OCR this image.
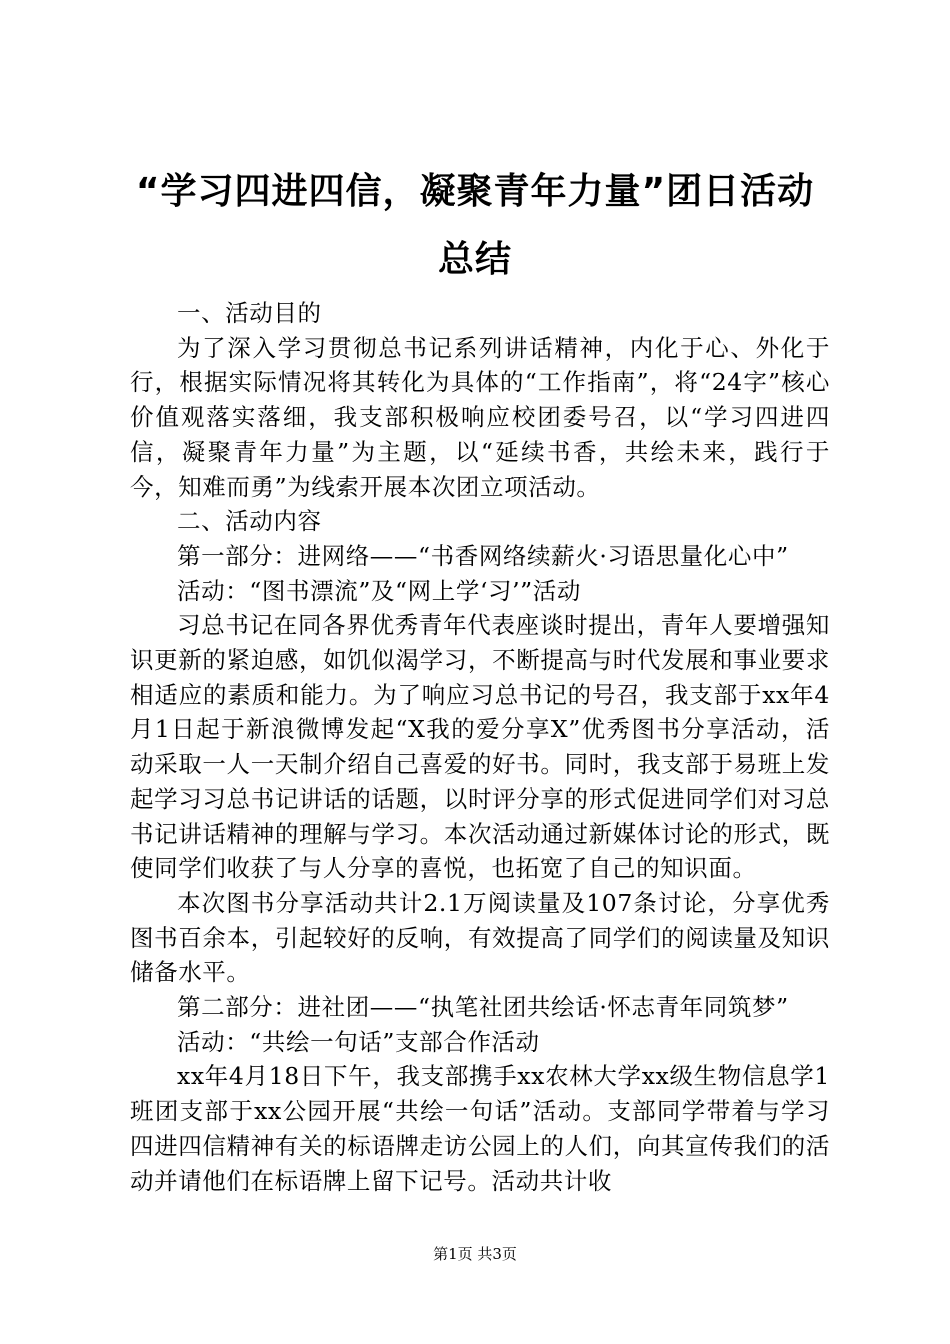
“学习四进四信，凝聚青年力量”团日活动总结

一、活动目的

为了深入学习贯彻总书记系列讲话精神，内化于心、外化于行，根据实际情况将其转化为具体的“工作指南”，将“24字”核心价值观落实落细，我支部积极响应校团委号召，以“学习四进四信，凝聚青年力量”为主题，以“延续书香，共绘未来，践行于今，知难而勇”为线索开展本次团立项活动。

二、活动内容

第一部分：进网络——“书香网络续薪火·习语思量化心中”

活动：“图书漂流”及“网上学‘习’”活动

习总书记在同各界优秀青年代表座谈时提出，青年人要增强知识更新的紧迫感，如饥似渴学习，不断提高与时代发展和事业要求相适应的素质和能力。为了响应习总书记的号召，我支部于xx年4月1日起于新浪微博发起“X我的爱分享X”优秀图书分享活动，活动采取一人一天制介绍自己喜爱的好书。同时，我支部于易班上发起学习习总书记讲话的话题，以时评分享的形式促进同学们对习总书记讲话精神的理解与学习。本次活动通过新媒体讨论的形式，既使同学们收获了与人分享的喜悦，也拓宽了自己的知识面。

本次图书分享活动共计2.1万阅读量及107条讨论，分享优秀图书百余本，引起较好的反响，有效提高了同学们的阅读量及知识储备水平。

第二部分：进社团——“执笔社团共绘话·怀志青年同筑梦”

活动：“共绘一句话”支部合作活动

xx年4月18日下午，我支部携手xx农林大学xx级生物信息学1班团支部于xx公园开展“共绘一句话”活动。支部同学带着与学习四进四信精神有关的标语牌走访公园上的人们，向其宣传我们的活动并请他们在标语牌上留下记号。活动共计收

第1页 共3页
